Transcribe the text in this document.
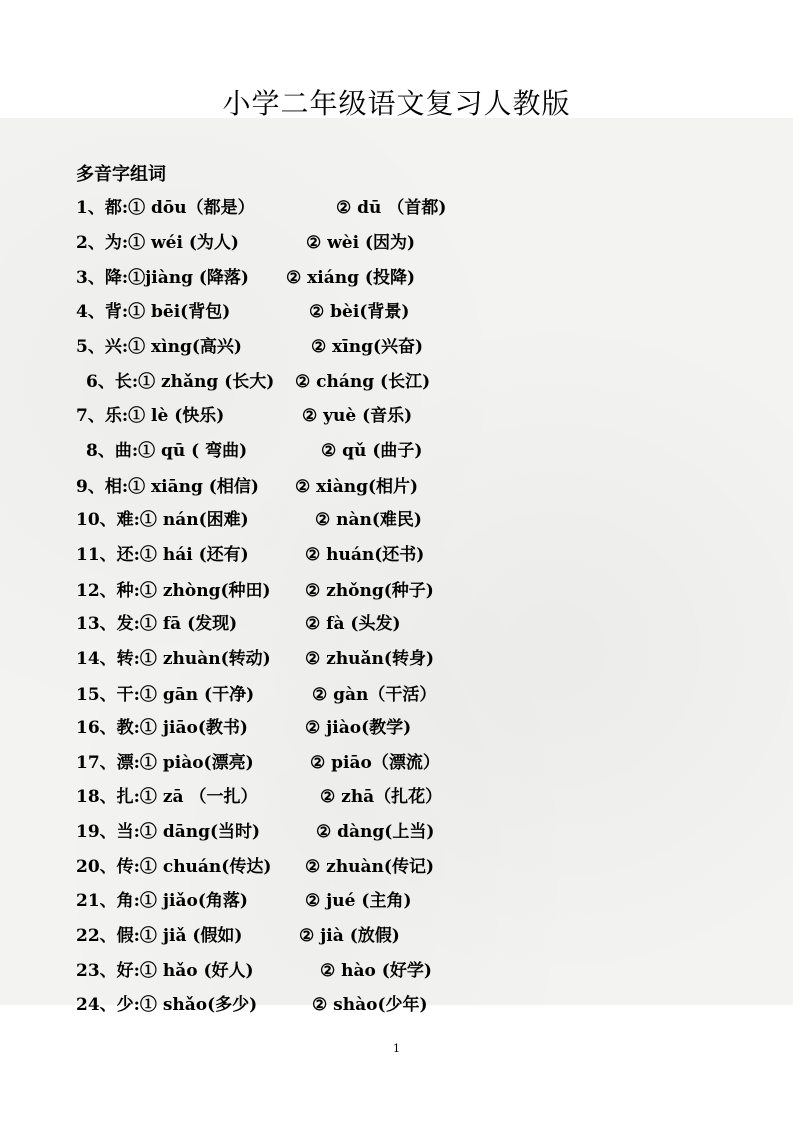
小学二年级语文复习人教版
多音字组词
1、都:① dōu（都是）	② dū （首都)
2、为:① wéi (为人)	② wèi (因为)
3、降:①jiàng (降落) ② xiáng (投降)
4、背:① bēi(背包)	② bèi(背景)
5、兴:① xìng(高兴)	② xīng(兴奋)
6、长:① zhǎng (长大) ② cháng (长江)
7、乐:① lè (快乐)	② yuè (音乐)
8、曲:① qū ( 弯曲)	② qǔ (曲子)
9、相:① xiāng (相信) ② xiàng(相片)
10、难:① nán(困难)	② nàn(难民)
11、还:① hái (还有)	② huán(还书)
12、种:① zhòng(种田) ② zhǒng(种子)
13、发:① fā (发现)	② fà (头发)
14、转:① zhuàn(转动) ② zhuǎn(转身)
15、干:① gān (干净)	② gàn（干活）
16、教:① jiāo(教书)	② jiào(教学)
17、漂:① piào(漂亮)	② piāo（漂流）
18、扎:① zā （一扎）	② zhā（扎花）
19、当:① dāng(当时)	② dàng(上当)
20、传:① chuán(传达) ② zhuàn(传记)
21、角:① jiǎo(角落)	② jué (主角)
22、假:① jiǎ (假如)	② jià (放假)
23、好:① hǎo (好人)	② hào (好学)
24、少:① shǎo(多少)	② shào(少年)
1
